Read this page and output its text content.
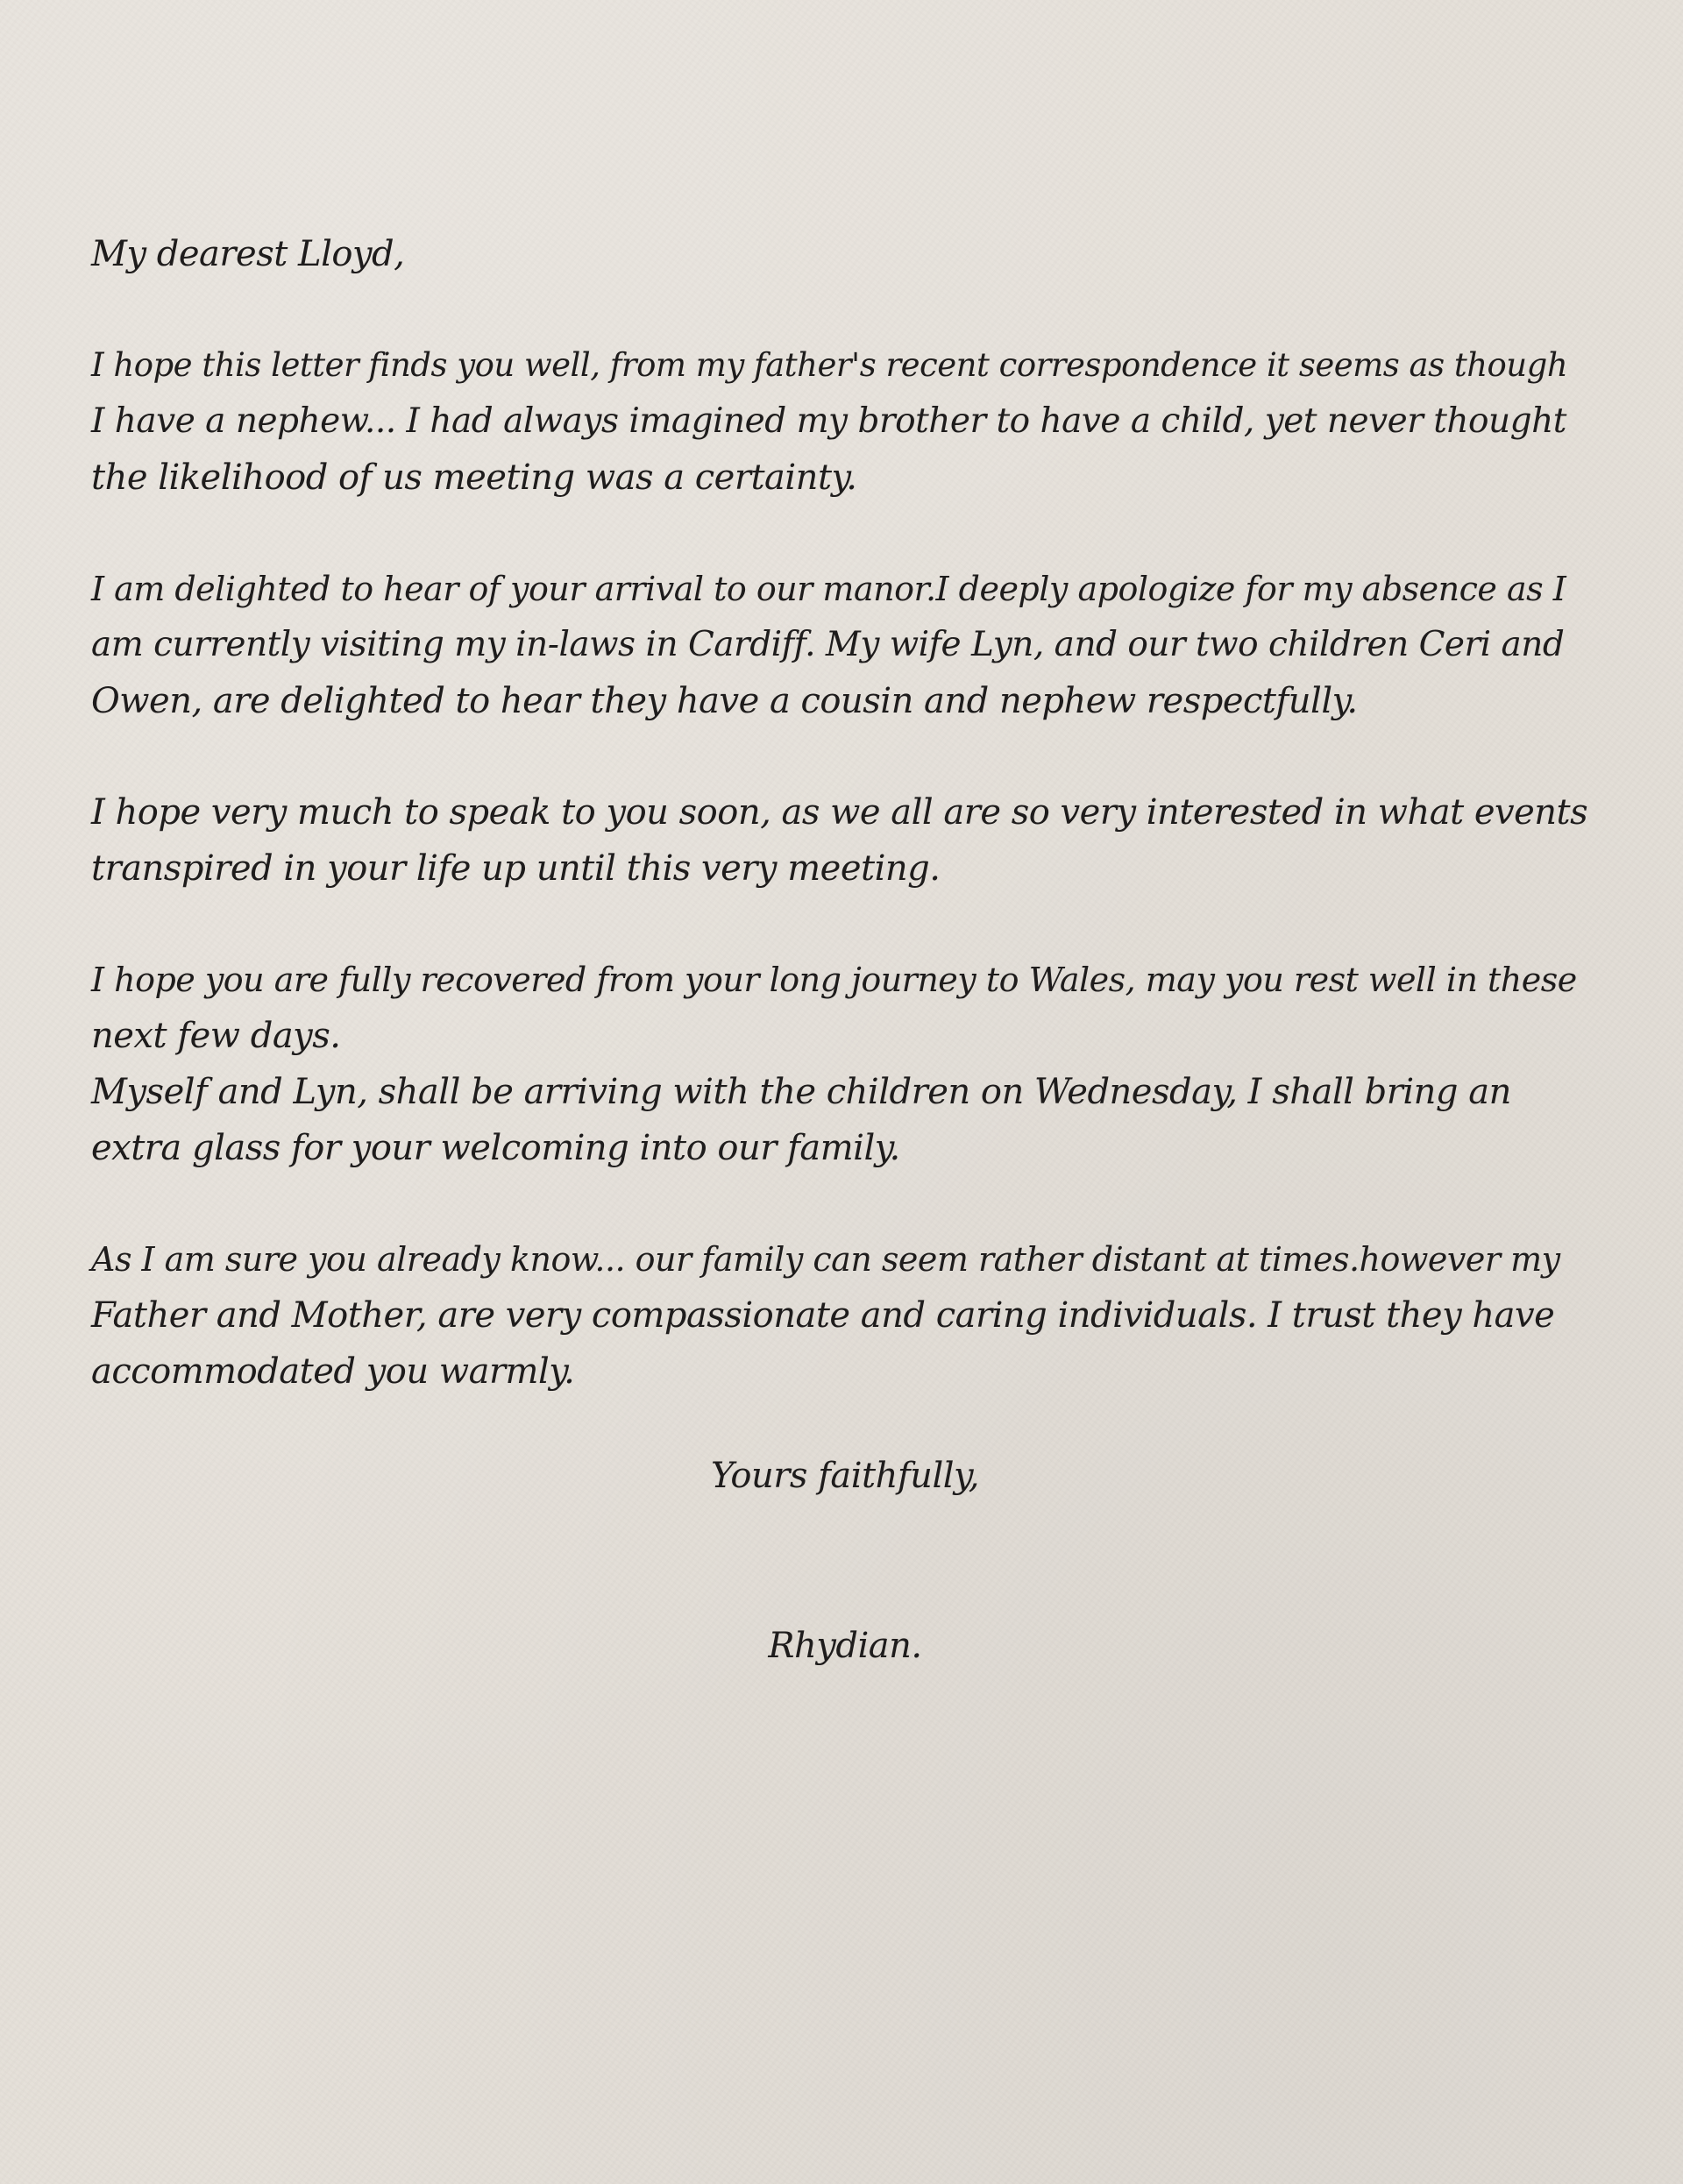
My dearest Lloyd,
I hope this letter finds you well, from my father's recent correspondence it seems as though
I have a nephew... I had always imagined my brother to have a child, yet never thought
the likelihood of us meeting was a certainty.
I am delighted to hear of your arrival to our manor.I deeply apologize for my absence as I
am currently visiting my in-laws in Cardiff. My wife Lyn, and our two children Ceri and
Owen, are delighted to hear they have a cousin and nephew respectfully.
I hope very much to speak to you soon, as we all are so very interested in what events
transpired in your life up until this very meeting.
I hope you are fully recovered from your long journey to Wales, may you rest well in these
next few days.
Myself and Lyn, shall be arriving with the children on Wednesday, I shall bring an
extra glass for your welcoming into our family.
As I am sure you already know... our family can seem rather distant at times.however my
Father and Mother, are very compassionate and caring individuals. I trust they have
accommodated you warmly.
Yours faithfully,
Rhydian.
